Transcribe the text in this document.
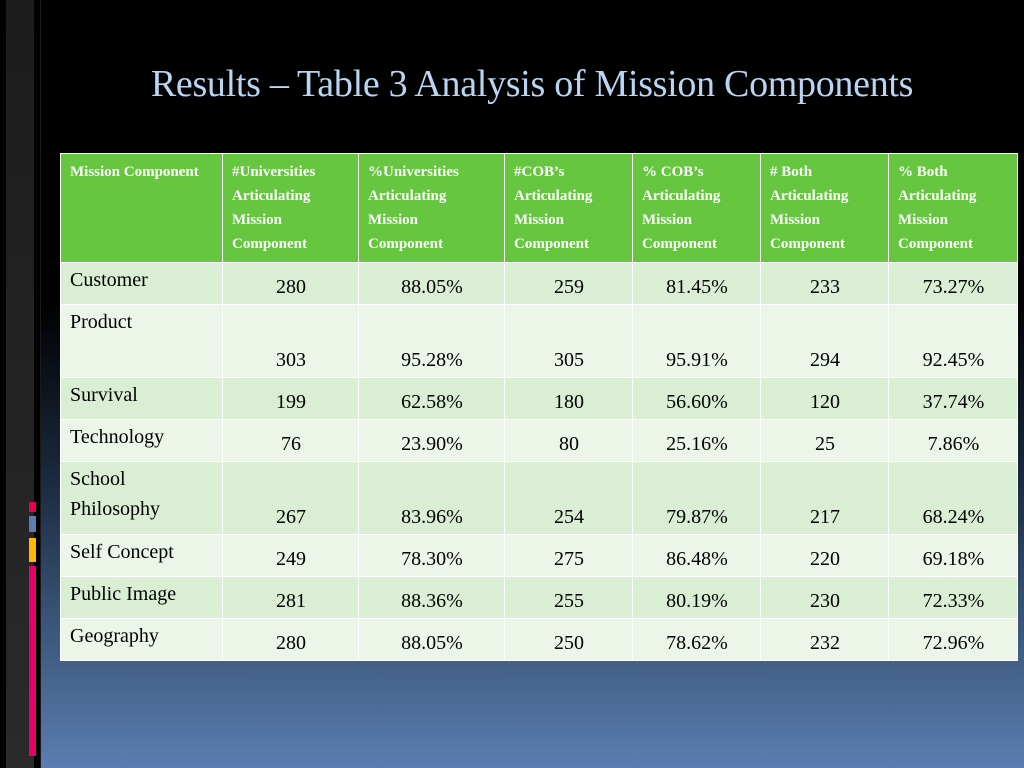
Results – Table 3 Analysis of Mission Components
Mission Component	#Universities Articulating Mission Component	%Universities Articulating Mission Component	#COB’s Articulating Mission Component	% COB’s Articulating Mission Component	# Both Articulating Mission Component	% Both Articulating Mission Component
Customer	280	88.05%	259	81.45%	233	73.27%
Product	303	95.28%	305	95.91%	294	92.45%
Survival	199	62.58%	180	56.60%	120	37.74%
Technology	76	23.90%	80	25.16%	25	7.86%
School Philosophy	267	83.96%	254	79.87%	217	68.24%
Self Concept	249	78.30%	275	86.48%	220	69.18%
Public Image	281	88.36%	255	80.19%	230	72.33%
Geography	280	88.05%	250	78.62%	232	72.96%
